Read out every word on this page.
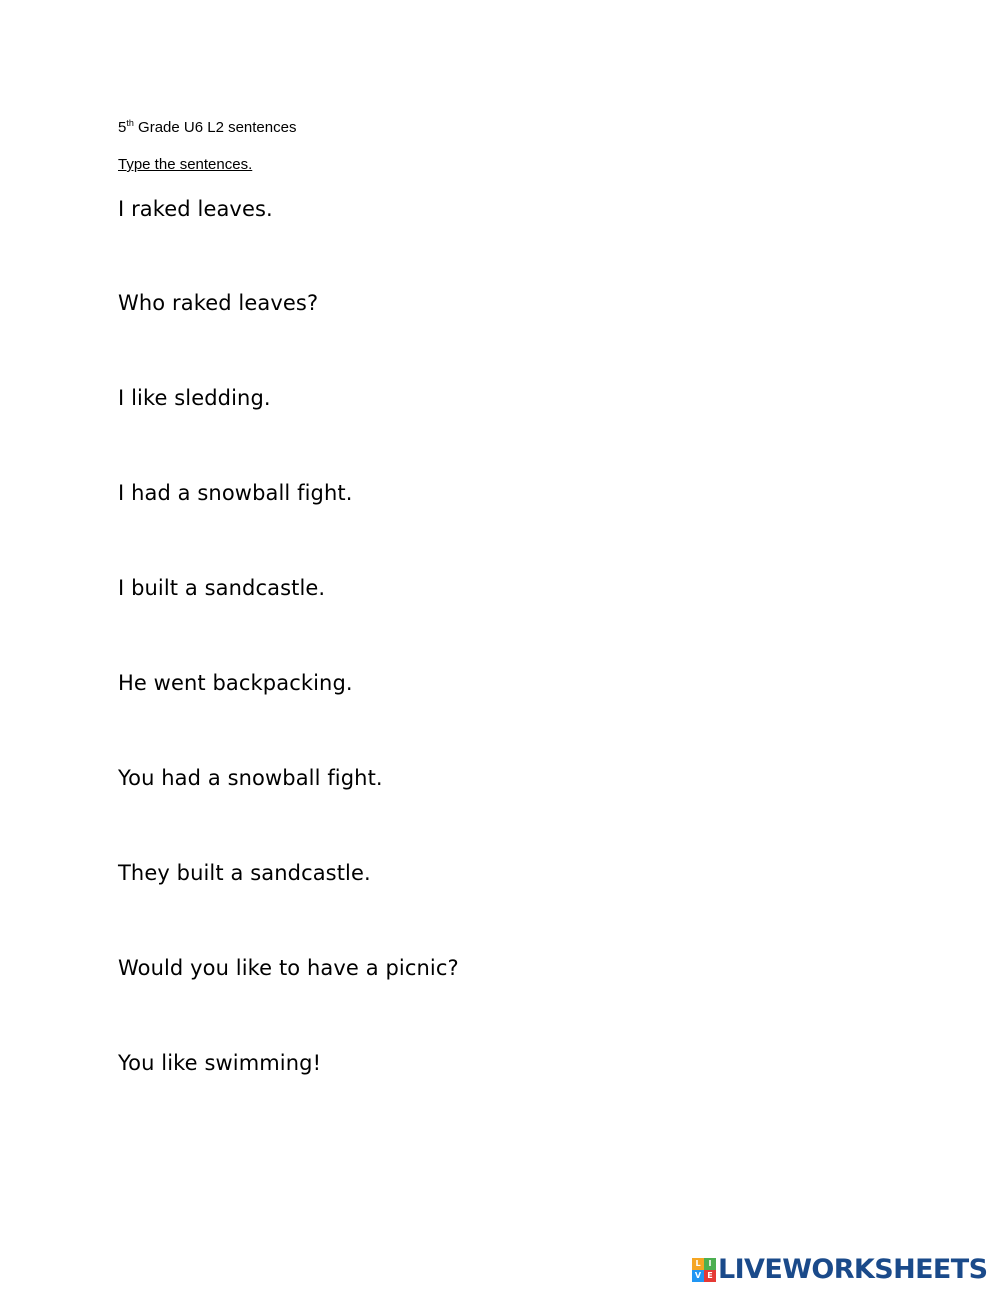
5th Grade U6 L2 sentences
Type the sentences.
I raked leaves.
Who raked leaves?
I like sledding.
I had a snowball fight.
I built a sandcastle.
He went backpacking.
You had a snowball fight.
They built a sandcastle.
Would you like to have a picnic?
You like swimming!
L I
V E LIVEWORKSHEETS
